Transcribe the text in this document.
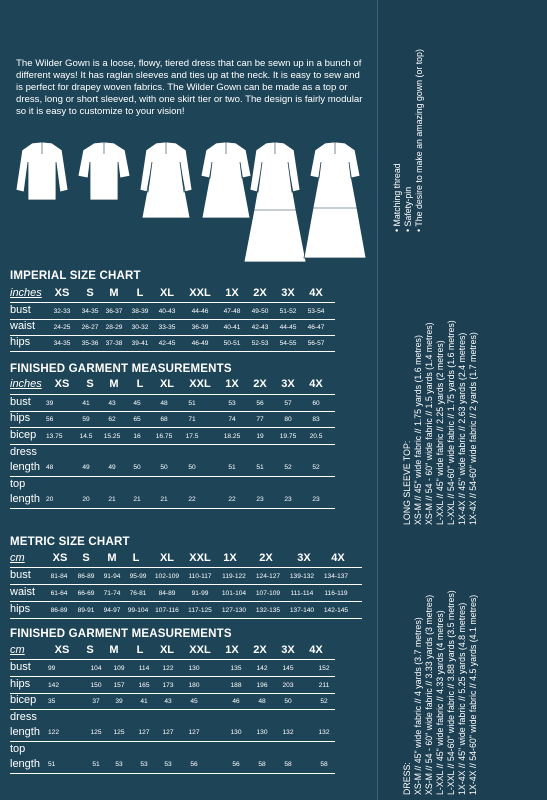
The Wilder Gown is a loose, flowy, tiered dress that can be sewn up in a bunch of different ways! It has raglan sleeves and ties up at the neck. It is easy to sew and is perfect for drapey woven fabrics. The Wilder Gown can be made as a top or dress, long or short sleeved, with one skirt tier or two. The design is fairly modular so it is easy to customize to your vision!
IMPERIAL SIZE CHART
inches XS	S	M	L	XL	XXL 1X 2X 3X 4X
bust	32-33	34-35	36-37	38-39	40-43	44-46	47-48	49-50	51-52	53-54
waist	24-25	26-27	28-29	30-32	33-35	36-39	40-41	42-43	44-45	46-47
hips	34-35	35-36	37-38	39-41	42-45	46-49	50-51	52-53	54-55	56-57
FINISHED GARMENT MEASUREMENTS
inches XS	S	M	L	XL	XXL 1X 2X 3X 4X
bust 39	41	43	45	48	51	53	56	57	60
hips 56	59	62	65	68	71	74	77	80	83
bicep 13.75	14.5	15.25	16	16.75	17.5	18.25	19	19.75	20.5
dress length 48	49	49	50	50	50	51	51	52	52
top length 20	20	21	21	21	22	22	23	23	23
METRIC SIZE CHART
cm	XS	S	M	L	XL	XXL 1X 2X 3X 4X
bust	81-84	86-89	91-94	95-99	102-109	110-117	119-122	124-127	139-132	134-137
waist	61-64	66-69	71-74	76-81	84-89	91-99	101-104	107-109	111-114	116-119
hips	86-89	89-91	94-97	99-104	107-116	117-125	127-130	132-135	137-140	142-145
FINISHED GARMENT MEASUREMENTS
cm	XS	S	M	L	XL	XXL 1X 2X 3X 4X
bust	99	104	109	114	122	130	135	142	145	152
hips	142	150	157	165	173	180	188	196	203	211
bicep 35	37	39	41	43	45	46	48	50	52
dress length 122	125	125	127	127	127	130	130	132	132
top length 51	51	53	53	53	56	56	58	58	58
• Matching thread
• Safety-pin
• The desire to make an amazing gown (or top)
LONG SLEEVE TOP: XS-M // 45" wide fabric // 1.75 yards (1.6 metres) XS-M // 54 - 60" wide fabric // 1.5 yards (1.4 metres) L-XXL // 45" wide fabric // 2.25 yards (2 metres) L-XXL // 54-60" wide fabric // 1.75 yards (1.6 metres) 1X-4X // 45" wide fabric // 2.63 yards (2.4 metres) 1X-4X // 54-60" wide fabric // 2 yards (1.7 metres)
DRESS: XS-M // 45" wide fabric // 4 yards (3.7 metres) XS-M // 54 - 60" wide fabric // 3.33 yards (3 metres) L-XXL // 45" wide fabric // 4.33 yards (4 metres) L-XXL // 54-60" wide fabric // 3.88 yards (3.5 metres) 1X-4X // 45" wide fabric // 5.25 yards (4.8 metres) 1X-4X // 54-60" wide fabric // 4.5 yards (4.1 metres)
